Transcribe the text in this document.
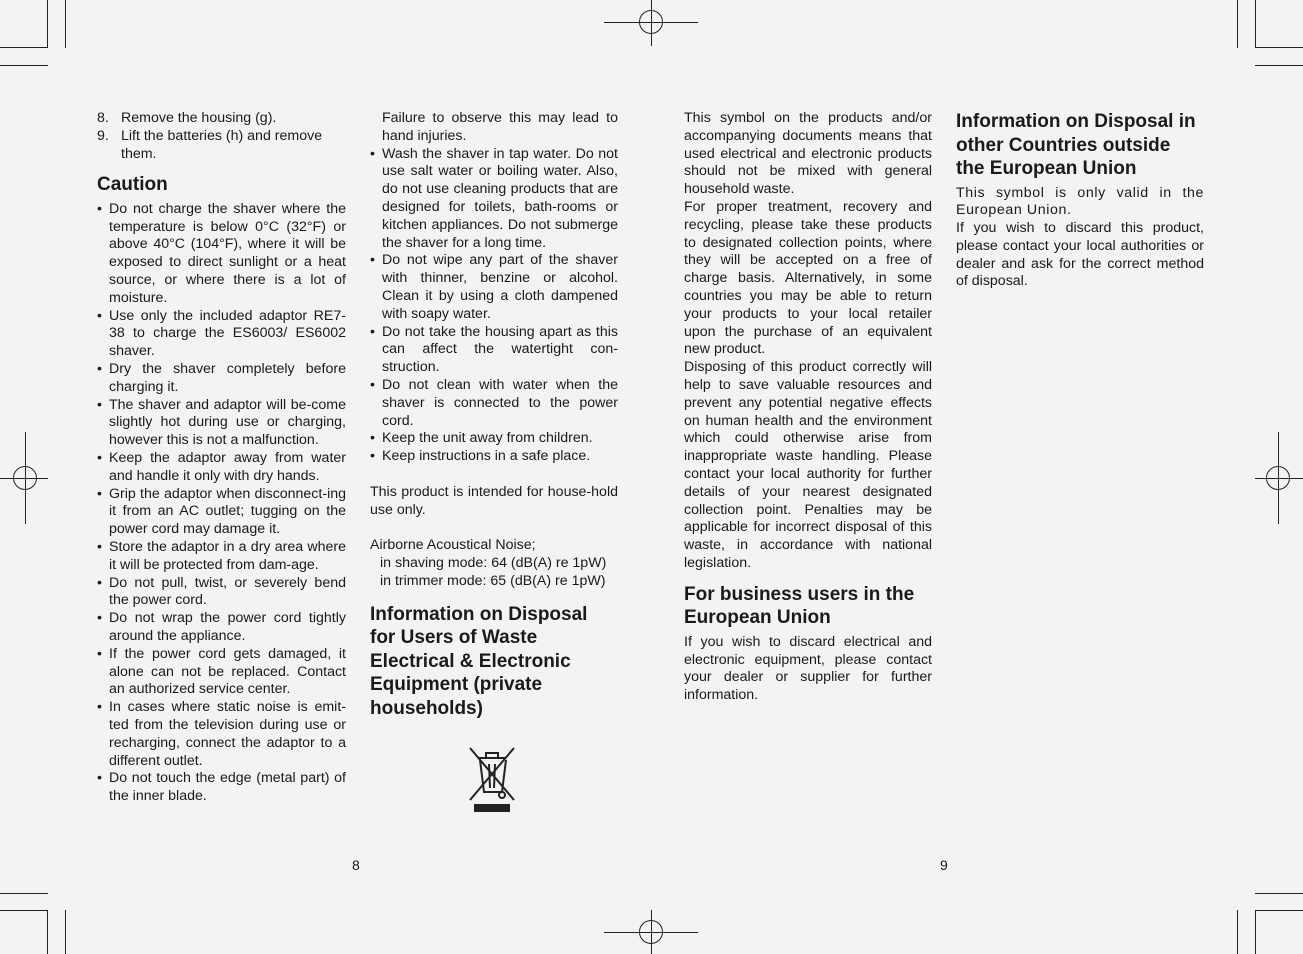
8. Remove the housing (g).
9. Lift the batteries (h) and remove them.
Caution
• Do not charge the shaver where the temperature is below 0°C (32°F) or above 40°C (104°F), where it will be exposed to direct sunlight or a heat source, or where there is a lot of moisture.
• Use only the included adaptor RE7-38 to charge the ES6003/ ES6002 shaver.
• Dry the shaver completely before charging it.
• The shaver and adaptor will be-come slightly hot during use or charging, however this is not a malfunction.
• Keep the adaptor away from water and handle it only with dry hands.
• Grip the adaptor when disconnect-ing it from an AC outlet; tugging on the power cord may damage it.
• Store the adaptor in a dry area where it will be protected from dam-age.
• Do not pull, twist, or severely bend the power cord.
• Do not wrap the power cord tightly around the appliance.
• If the power cord gets damaged, it alone can not be replaced. Contact an authorized service center.
• In cases where static noise is emit-ted from the television during use or recharging, connect the adaptor to a different outlet.
• Do not touch the edge (metal part) of the inner blade.
Failure to observe this may lead to hand injuries.
• Wash the shaver in tap water. Do not use salt water or boiling water. Also, do not use cleaning products that are designed for toilets, bath-rooms or kitchen appliances. Do not submerge the shaver for a long time.
• Do not wipe any part of the shaver with thinner, benzine or alcohol. Clean it by using a cloth dampened with soapy water.
• Do not take the housing apart as this can affect the watertight con-struction.
• Do not clean with water when the shaver is connected to the power cord.
• Keep the unit away from children.
• Keep instructions in a safe place.
This product is intended for house-hold use only.
Airborne Acoustical Noise;
in shaving mode: 64 (dB(A) re 1pW)
in trimmer mode: 65 (dB(A) re 1pW)
Information on Disposal for Users of Waste Electrical & Electronic Equipment (private households)
8

This symbol on the products and/or accompanying documents means that used electrical and electronic products should not be mixed with general household waste.

For proper treatment, recovery and recycling, please take these products to designated collection points, where they will be accepted on a free of charge basis. Alternatively, in some countries you may be able to return your products to your local retailer upon the purchase of an equivalent new product.

Disposing of this product correctly will help to save valuable resources and prevent any potential negative effects on human health and the environment which could otherwise arise from inappropriate waste handling. Please contact your local authority for further details of your nearest designated collection point. Penalties may be applicable for incorrect disposal of this waste, in accordance with national legislation.

For business users in the European Union

If you wish to discard electrical and electronic equipment, please contact your dealer or supplier for further information.

Information on Disposal in other Countries outside the European Union

This symbol is only valid in the European Union.

If you wish to discard this product, please contact your local authorities or dealer and ask for the correct method of disposal.

9
